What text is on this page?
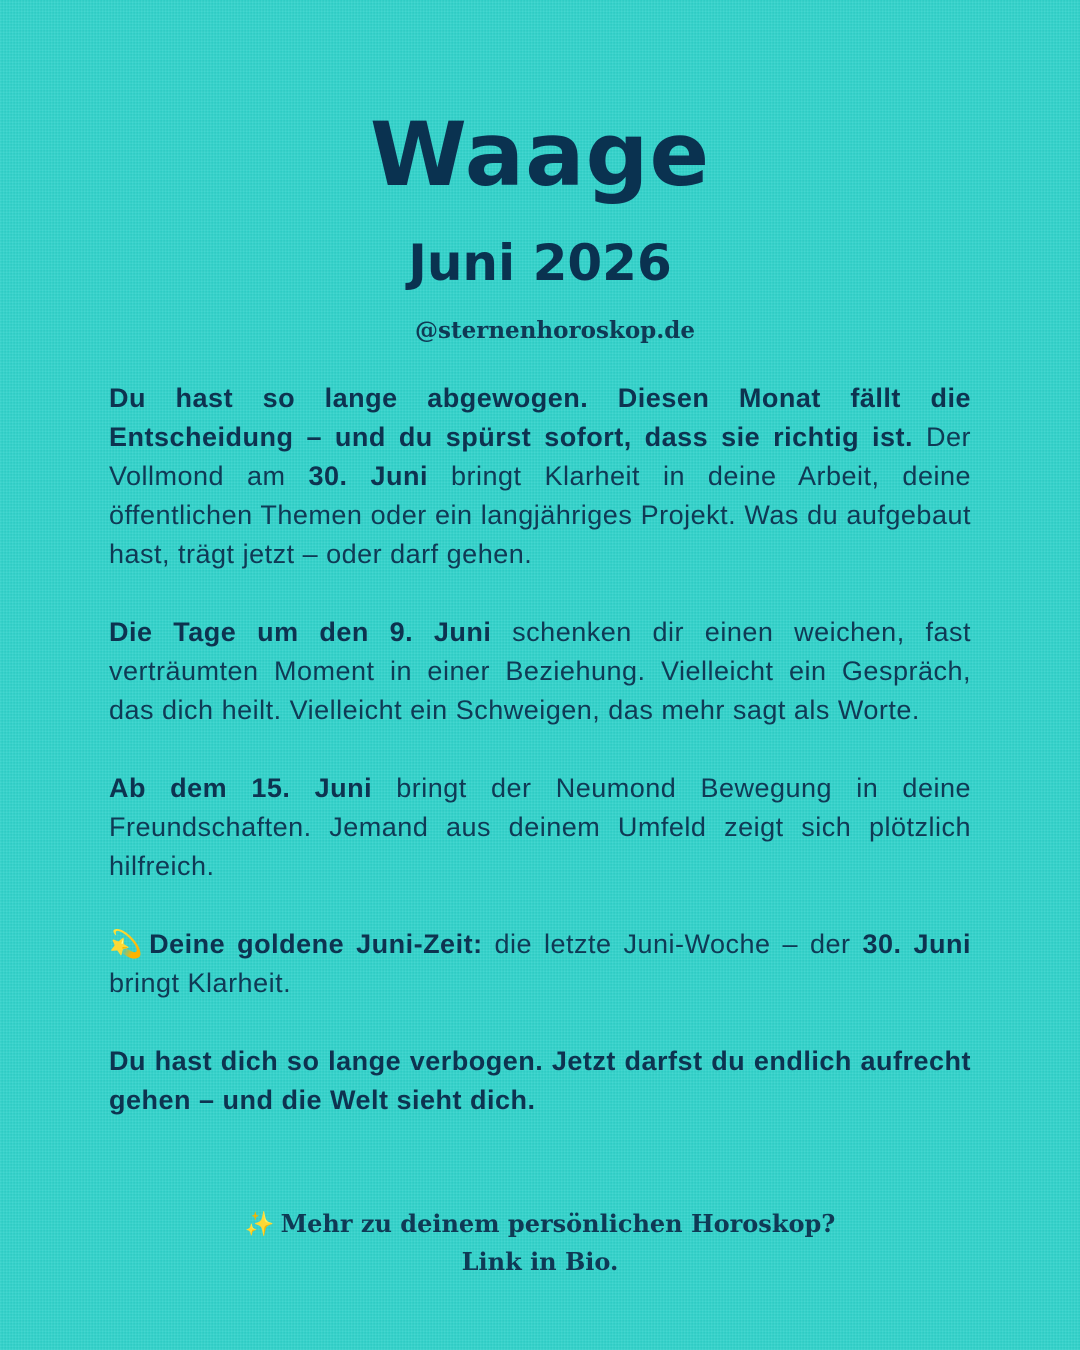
Waage
Juni 2026
@sternenhoroskop.de

Du hast so lange abgewogen. Diesen Monat fällt die Entscheidung – und du spürst sofort, dass sie richtig ist. Der Vollmond am 30. Juni bringt Klarheit in deine Arbeit, deine öffentlichen Themen oder ein langjähriges Projekt. Was du aufgebaut hast, trägt jetzt – oder darf gehen.

Die Tage um den 9. Juni schenken dir einen weichen, fast verträumten Moment in einer Beziehung. Vielleicht ein Gespräch, das dich heilt. Vielleicht ein Schweigen, das mehr sagt als Worte.

Ab dem 15. Juni bringt der Neumond Bewegung in deine Freundschaften. Jemand aus deinem Umfeld zeigt sich plötzlich hilfreich.

💫 Deine goldene Juni-Zeit: die letzte Juni-Woche – der 30. Juni bringt Klarheit.

Du hast dich so lange verbogen. Jetzt darfst du endlich aufrecht gehen – und die Welt sieht dich.

✨ Mehr zu deinem persönlichen Horoskop?
Link in Bio.
